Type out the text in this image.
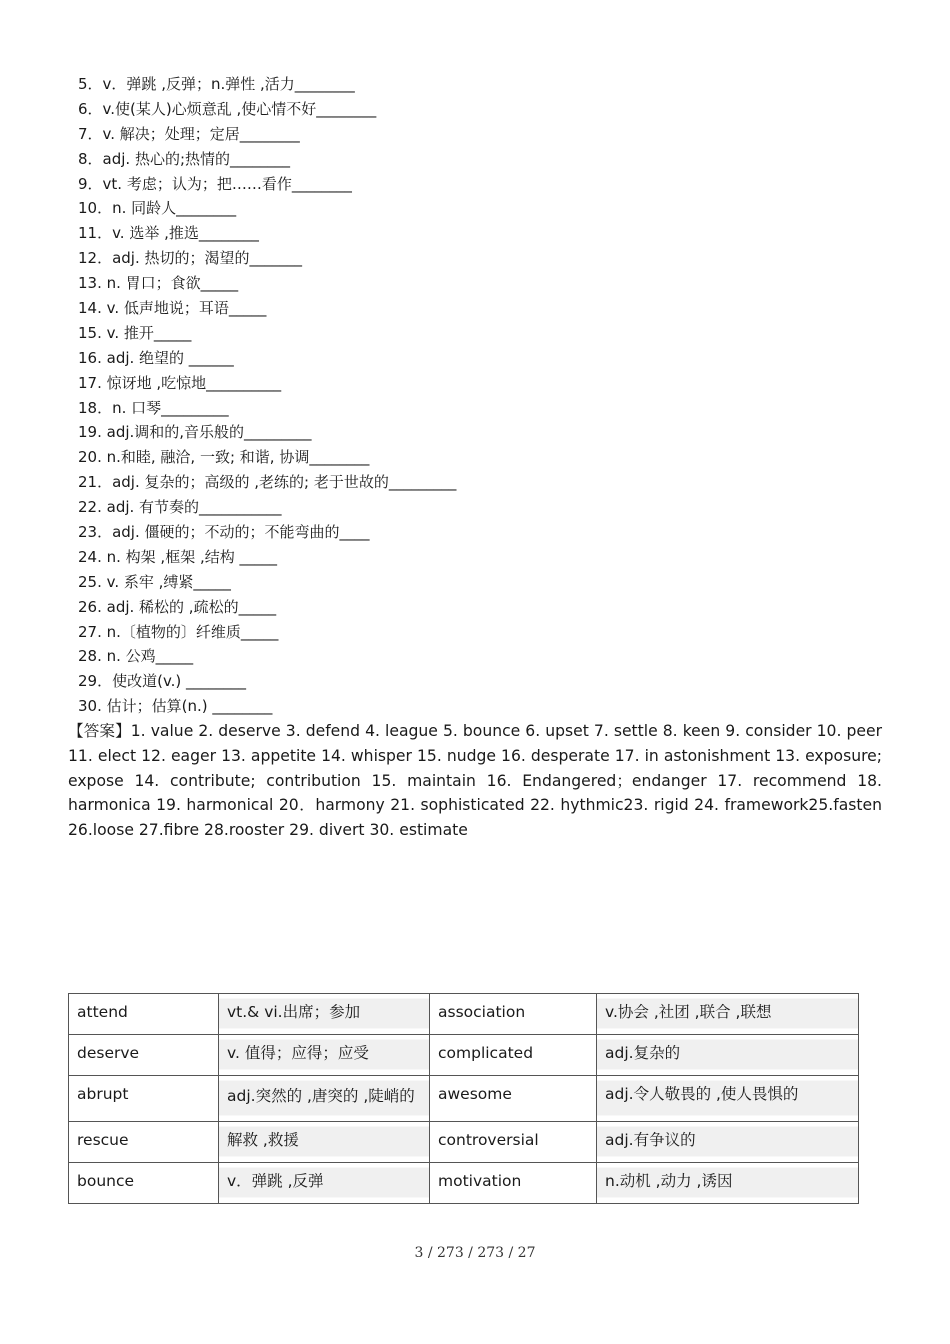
5．v．弹跳 ,反弹；n.弹性 ,活力________
6．v.使(某人)心烦意乱 ,使心情不好________
7．v. 解决；处理；定居________
8．adj. 热心的;热情的________
9．vt. 考虑；认为；把……看作________
10．n. 同龄人________
11．v. 选举 ,推选________
12．adj. 热切的；渴望的_______
13. n. 胃口；食欲_____
14. v. 低声地说；耳语_____
15. v. 推开_____
16. adj. 绝望的 ______
17. 惊讶地 ,吃惊地__________
18．n. 口琴_________
19. adj.调和的,音乐般的_________
20. n.和睦, 融洽, 一致; 和谐, 协调________
21．adj. 复杂的；高级的 ,老练的; 老于世故的_________
22. adj. 有节奏的___________
23．adj. 僵硬的；不动的；不能弯曲的____
24. n. 构架 ,框架 ,结构 _____
25. v. 系牢 ,缚紧_____
26. adj. 稀松的 ,疏松的_____
27. n.〔植物的〕纤维质_____
28. n. 公鸡_____
29．使改道(v.) ________
30. 估计；估算(n.) ________

【答案】1. value 2. deserve 3. defend 4. league 5. bounce 6. upset 7. settle 8. keen 9. consider 10. peer 11. elect 12. eager 13. appetite 14. whisper 15. nudge 16. desperate 17. in astonishment 13. exposure; expose 14. contribute; contribution 15. maintain 16. Endangered；endanger 17. recommend 18. harmonica 19. harmonical 20．harmony 21. sophisticated 22. hythmic23. rigid 24. framework25.fasten 26.loose 27.fibre 28.rooster 29. divert 30. estimate

attend	vt.& vi.出席；参加	association	v.协会 ,社团 ,联合 ,联想
deserve	v. 值得；应得；应受	complicated	adj.复杂的
abrupt	adj.突然的 ,唐突的 ,陡峭的	awesome	adj.令人敬畏的 ,使人畏惧的
rescue	解救 ,救援	controversial	adj.有争议的
bounce	v．弹跳 ,反弹	motivation	n.动机 ,动力 ,诱因
3 / 273 / 273 / 27
